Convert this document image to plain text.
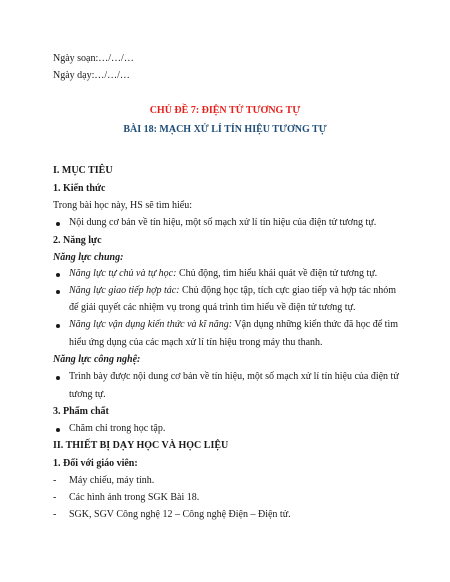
Ngày soạn:…/…/…
Ngày dạy:…/…/…
CHỦ ĐỀ 7: ĐIỆN TỬ TƯƠNG TỰ
BÀI 18: MẠCH XỬ LÍ TÍN HIỆU TƯƠNG TỰ
I. MỤC TIÊU
1. Kiến thức
Trong bài học này, HS sẽ tìm hiểu:
Nội dung cơ bản về tín hiệu, một số mạch xử lí tín hiệu của điện tử tương tự.
2. Năng lực
Năng lực chung:
Năng lực tự chủ và tự học: Chủ động, tìm hiểu khái quát về điện tử tương tự.
Năng lực giao tiếp hợp tác: Chủ động học tập, tích cực giao tiếp và hợp tác nhóm
để giải quyết các nhiệm vụ trong quá trình tìm hiểu về điện tử tương tự.
Năng lực vận dụng kiến thức và kĩ năng: Vận dụng những kiến thức đã học để tìm
hiểu ứng dụng của các mạch xử lí tín hiệu trong máy thu thanh.
Năng lực công nghệ:
Trình bày được nội dung cơ bản về tín hiệu, một số mạch xử lí tín hiệu của điện tử
tương tự.
3. Phẩm chất
Chăm chỉ trong học tập.
II. THIẾT BỊ DẠY HỌC VÀ HỌC LIỆU
1. Đối với giáo viên:
- Máy chiếu, máy tính.
- Các hình ảnh trong SGK Bài 18.
- SGK, SGV Công nghệ 12 – Công nghệ Điện – Điện tử.
